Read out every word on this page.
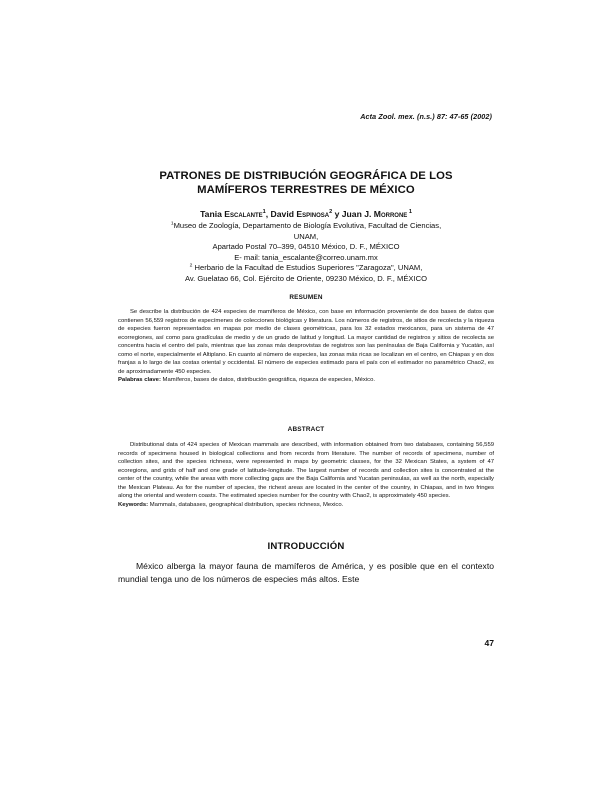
Acta Zool. mex. (n.s.) 87: 47-65 (2002)
PATRONES DE DISTRIBUCIÓN GEOGRÁFICA DE LOS
MAMÍFEROS TERRESTRES DE MÉXICO
Tania Escalante$^1$, David Espinosa$^2$ y Juan J. Morrone $^1$
$^1$Museo de Zoología, Departamento de Biología Evolutiva, Facultad de Ciencias,
UNAM,
Apartado Postal 70–399, 04510 México, D. F., MÉXICO
E- mail: tania_escalante@correo.unam.mx
$^2$ Herbario de la Facultad de Estudios Superiores "Zaragoza", UNAM,
Av. Guelatao 66, Col. Ejército de Oriente, 09230 México, D. F., MÉXICO
RESUMEN

Se describe la distribución de 424 especies de mamíferos de México, con base en información proveniente de dos bases de datos que contienen 56,559 registros de especímenes de colecciones biológicas y literatura. Los números de registros, de sitios de recolecta y la riqueza de especies fueron representados en mapas por medio de clases geométricas, para los 32 estados mexicanos, para un sistema de 47 ecorregiones, así como para gradículas de medio y de un grado de latitud y longitud. La mayor cantidad de registros y sitios de recolecta se concentra hacia el centro del país, mientras que las zonas más desprovistas de registros son las penínsulas de Baja California y Yucatán, así como el norte, especialmente el Altiplano. En cuanto al número de especies, las zonas más ricas se localizan en el centro, en Chiapas y en dos franjas a lo largo de las costas oriental y occidental. El número de especies estimado para el país con el estimador no paramétrico Chao2, es de aproximadamente 450 especies.

Palabras clave: Mamíferos, bases de datos, distribución geográfica, riqueza de especies, México.

ABSTRACT

Distributional data of 424 species of Mexican mammals are described, with information obtained from two databases, containing 56,559 records of specimens housed in biological collections and from records from literature. The number of records of specimens, number of collection sites, and the species richness, were represented in maps by geometric classes, for the 32 Mexican States, a system of 47 ecoregions, and grids of half and one grade of latitude-longitude. The largest number of records and collection sites is concentrated at the center of the country, while the areas with more collecting gaps are the Baja California and Yucatan peninsulas, as well as the north, especially the Mexican Plateau. As for the number of species, the richest areas are located in the center of the country, in Chiapas, and in two fringes along the oriental and western coasts. The estimated species number for the country with Chao2, is approximately 450 species.

Keywords: Mammals, databases, geographical distribution, species richness, Mexico.

INTRODUCCIÓN

México alberga la mayor fauna de mamíferos de América, y es posible que en el contexto mundial tenga uno de los números de especies más altos. Este

47
